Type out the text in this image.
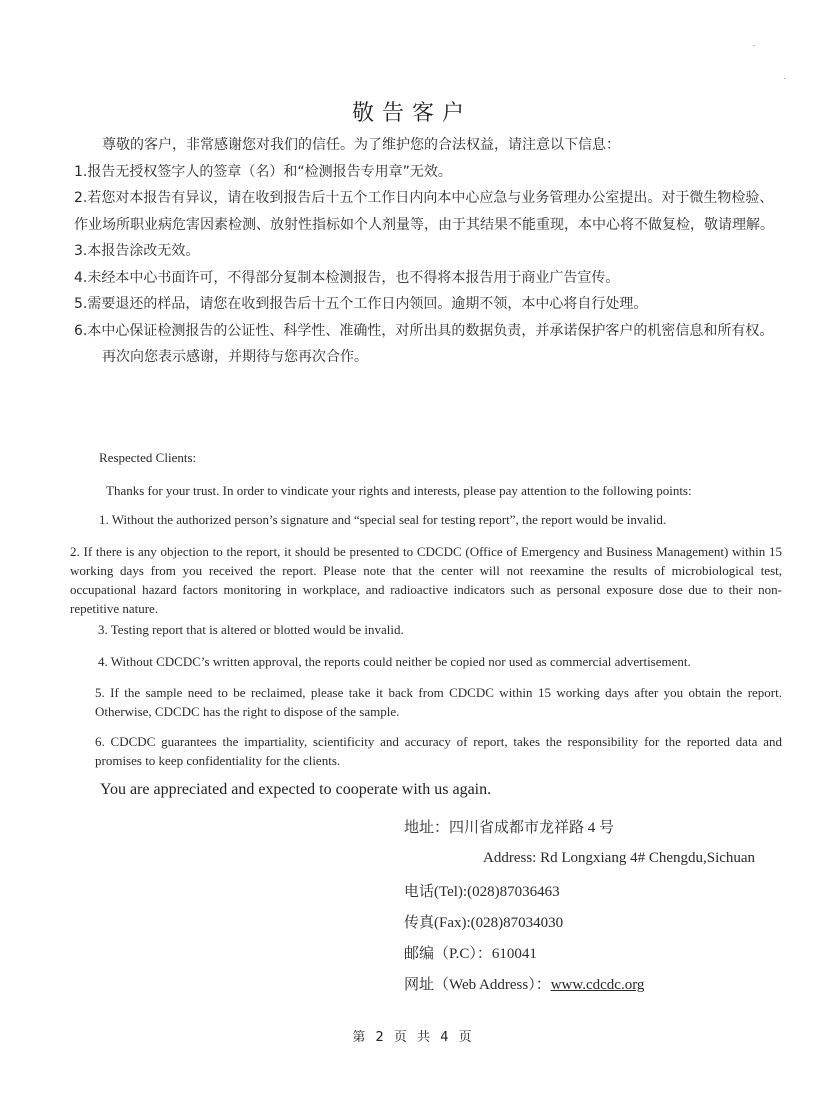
敬告客户

尊敬的客户，非常感谢您对我们的信任。为了维护您的合法权益，请注意以下信息：

1.报告无授权签字人的签章（名）和“检测报告专用章”无效。

2.若您对本报告有异议，请在收到报告后十五个工作日内向本中心应急与业务管理办公室提出。对于微生物检验、作业场所职业病危害因素检测、放射性指标如个人剂量等，由于其结果不能重现，本中心将不做复检，敬请理解。

3.本报告涂改无效。

4.未经本中心书面许可，不得部分复制本检测报告，也不得将本报告用于商业广告宣传。

5.需要退还的样品，请您在收到报告后十五个工作日内领回。逾期不领，本中心将自行处理。

6.本中心保证检测报告的公证性、科学性、准确性，对所出具的数据负责，并承诺保护客户的机密信息和所有权。

再次向您表示感谢，并期待与您再次合作。

Respected Clients:
Thanks for your trust. In order to vindicate your rights and interests, please pay attention to the following points:
1. Without the authorized person’s signature and “special seal for testing report”, the report would be invalid.

2. If there is any objection to the report, it should be presented to CDCDC (Office of Emergency and Business Management) within 15 working days from you received the report. Please note that the center will not reexamine the results of microbiological test, occupational hazard factors monitoring in workplace, and radioactive indicators such as personal exposure dose due to their non-repetitive nature.

3. Testing report that is altered or blotted would be invalid.
4. Without CDCDC’s written approval, the reports could neither be copied nor used as commercial advertisement.

5. If the sample need to be reclaimed, please take it back from CDCDC within 15 working days after you obtain the report. Otherwise, CDCDC has the right to dispose of the sample.

6. CDCDC guarantees the impartiality, scientificity and accuracy of report, takes the responsibility for the reported data and promises to keep confidentiality for the clients.

You are appreciated and expected to cooperate with us again.
地址：四川省成都市龙祥路 4 号
Address: Rd Longxiang 4# Chengdu,Sichuan
电话(Tel):(028)87036463
传真(Fax):(028)87034030
邮编（P.C）：610041
网址（Web Address）：www.cdcdc.org
第 2 页 共 4 页
